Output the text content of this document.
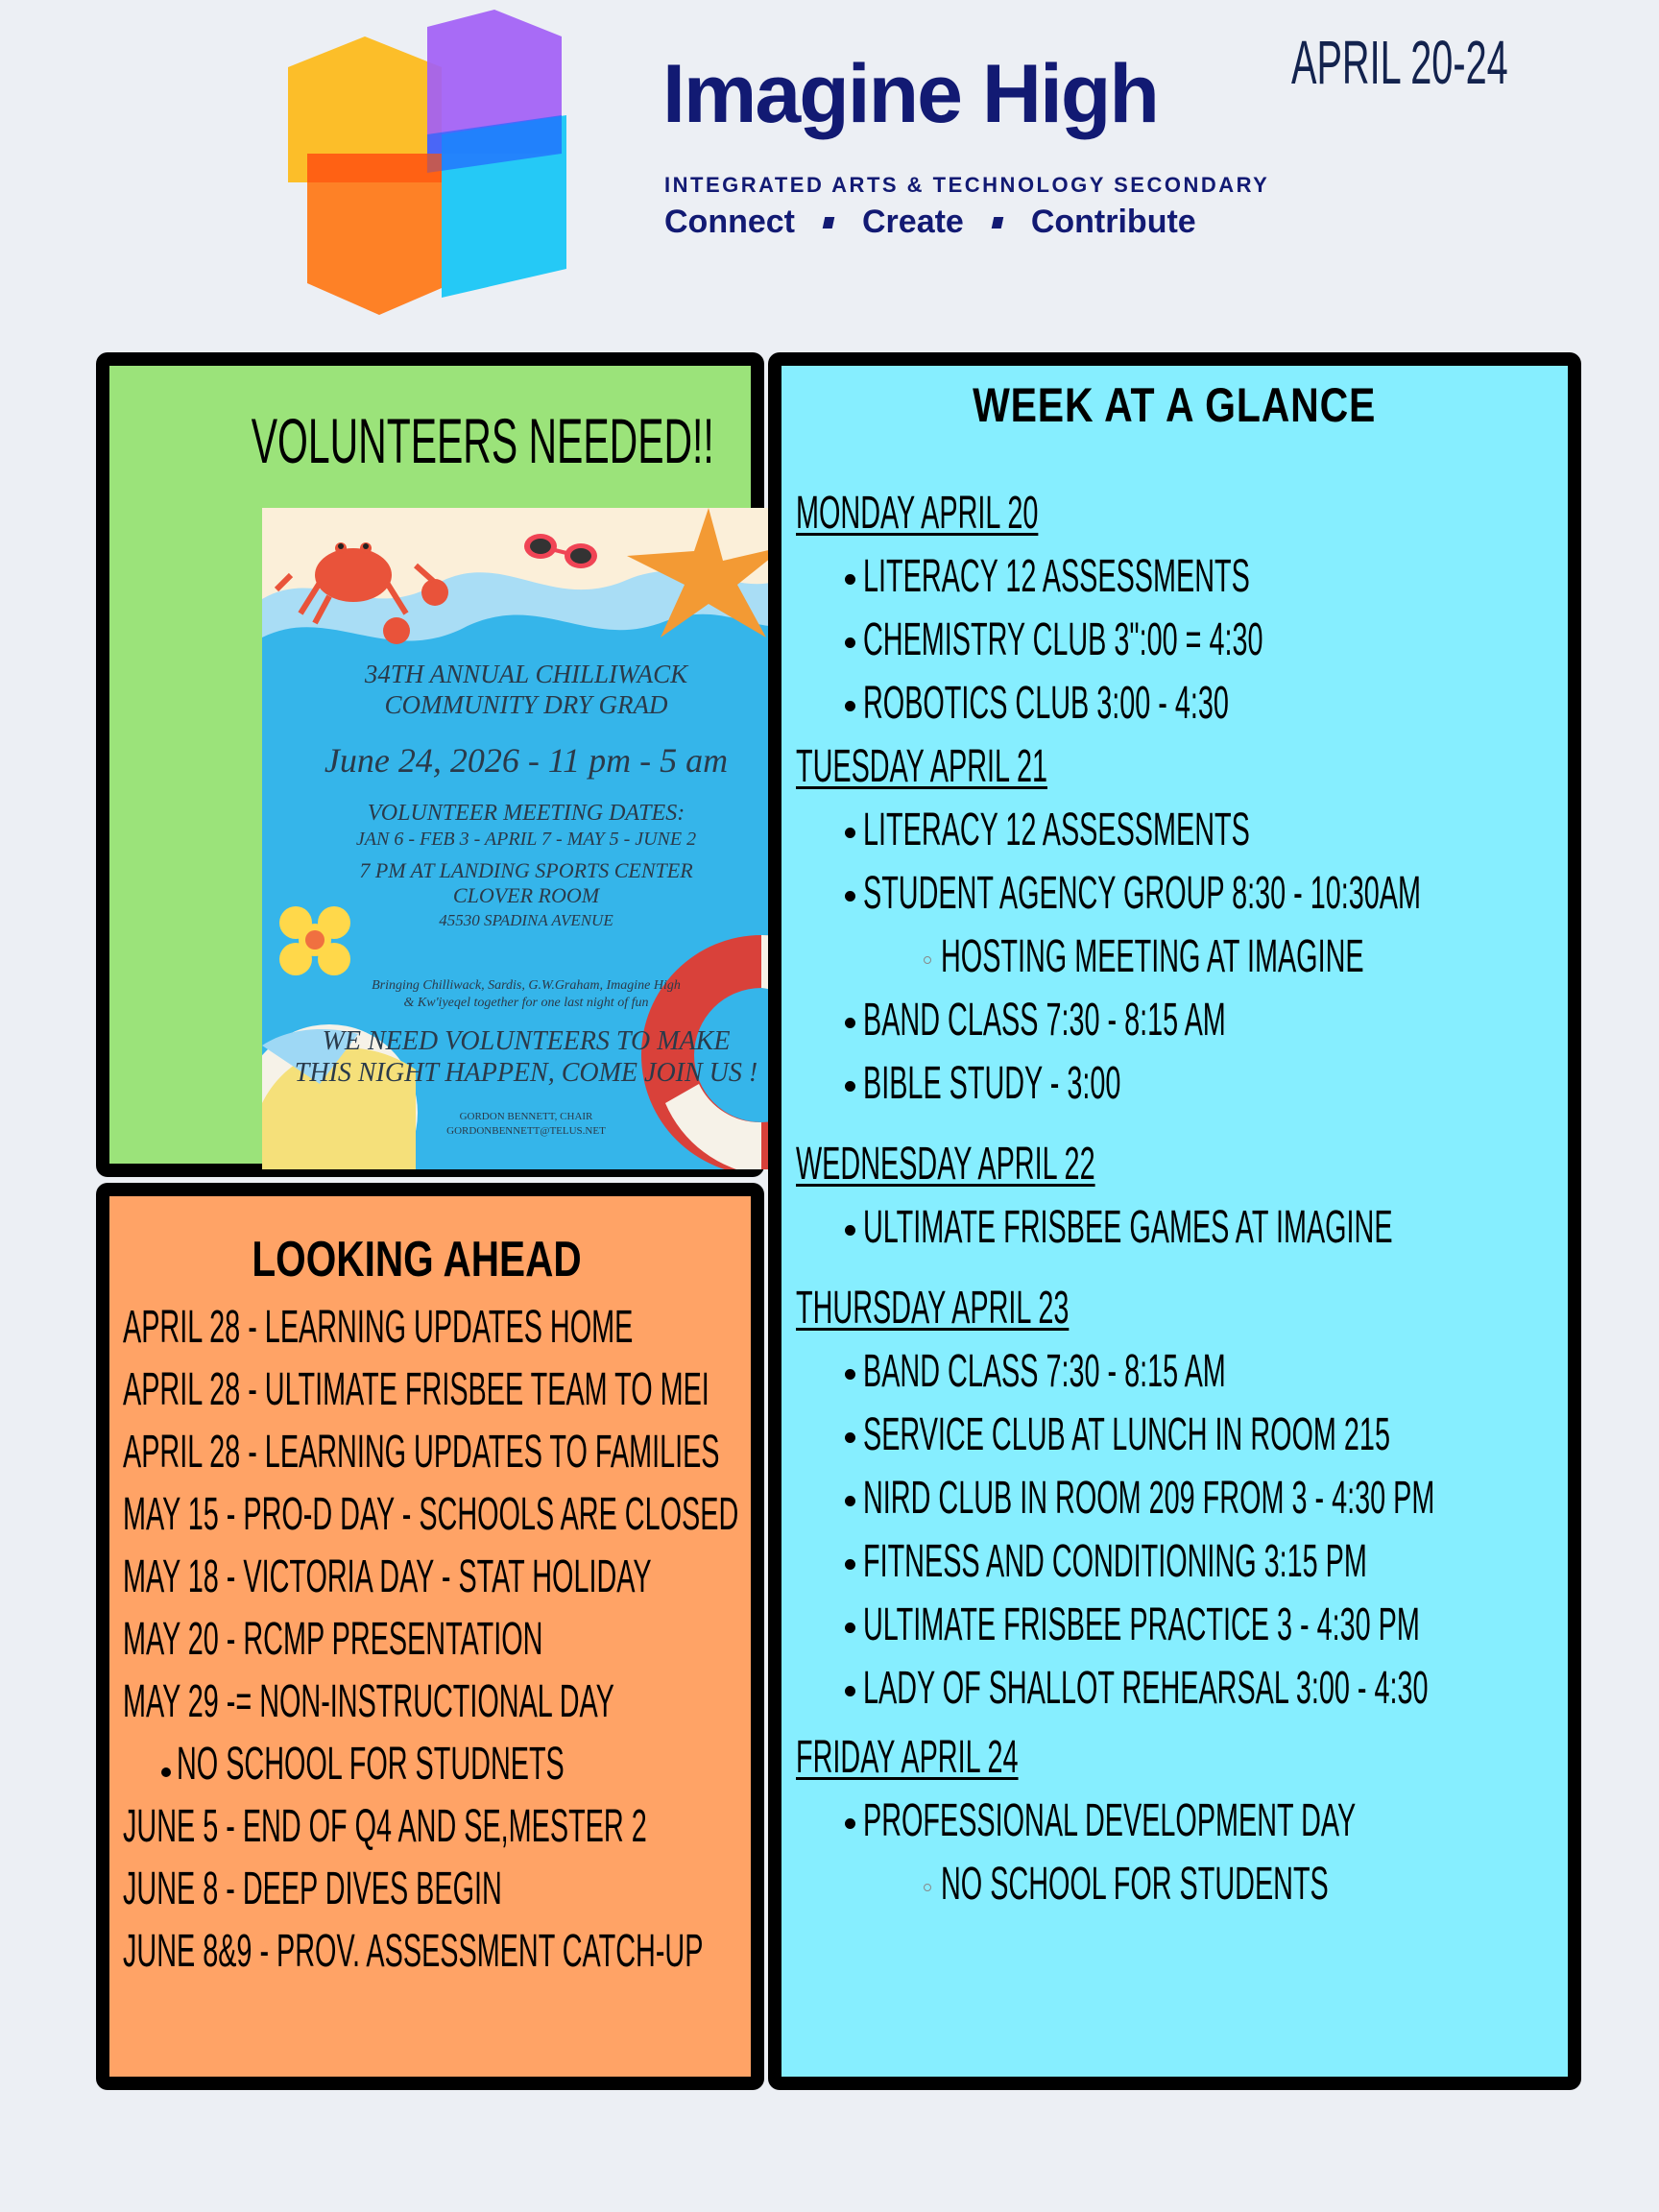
Imagine High
INTEGRATED ARTS & TECHNOLOGY SECONDARY
Connect Create Contribute
APRIL 20-24
VOLUNTEERS NEEDED!!
34TH ANNUAL CHILLIWACK
COMMUNITY DRY GRAD
June 24, 2026 - 11 pm - 5 am
VOLUNTEER MEETING DATES:
JAN 6 - FEB 3 - APRIL 7 - MAY 5 - JUNE 2
7 PM AT LANDING SPORTS CENTER
CLOVER ROOM
45530 SPADINA AVENUE
Bringing Chilliwack, Sardis, G.W.Graham, Imagine High
& Kw'iyeqel together for one last night of fun
WE NEED VOLUNTEERS TO MAKE
THIS NIGHT HAPPEN, COME JOIN US !
GORDON BENNETT, CHAIR
GORDONBENNETT@TELUS.NET
LOOKING AHEAD
APRIL 28 - LEARNING UPDATES HOME
APRIL 28 - ULTIMATE FRISBEE TEAM TO MEI
APRIL 28 - LEARNING UPDATES TO FAMILIES
MAY 15 - PRO-D DAY - SCHOOLS ARE CLOSED
MAY 18 - VICTORIA DAY - STAT HOLIDAY
MAY 20 - RCMP PRESENTATION
MAY 29 -= NON-INSTRUCTIONAL DAY
NO SCHOOL FOR STUDNETS
JUNE 5 - END OF Q4 AND SE,MESTER 2
JUNE 8 - DEEP DIVES BEGIN
JUNE 8&9 - PROV. ASSESSMENT CATCH-UP
WEEK AT A GLANCE
MONDAY APRIL 20
LITERACY 12 ASSESSMENTS
CHEMISTRY CLUB 3":00 = 4:30
ROBOTICS CLUB 3:00 - 4:30
TUESDAY APRIL 21
LITERACY 12 ASSESSMENTS
STUDENT AGENCY GROUP 8:30 - 10:30AM
HOSTING MEETING AT IMAGINE
BAND CLASS 7:30 - 8:15 AM
BIBLE STUDY - 3:00
WEDNESDAY APRIL 22
ULTIMATE FRISBEE GAMES AT IMAGINE
THURSDAY APRIL 23
BAND CLASS 7:30 - 8:15 AM
SERVICE CLUB AT LUNCH IN ROOM 215
NIRD CLUB IN ROOM 209 FROM 3 - 4:30 PM
FITNESS AND CONDITIONING 3:15 PM
ULTIMATE FRISBEE PRACTICE 3 - 4:30 PM
LADY OF SHALLOT REHEARSAL 3:00 - 4:30
FRIDAY APRIL 24
PROFESSIONAL DEVELOPMENT DAY
NO SCHOOL FOR STUDENTS
